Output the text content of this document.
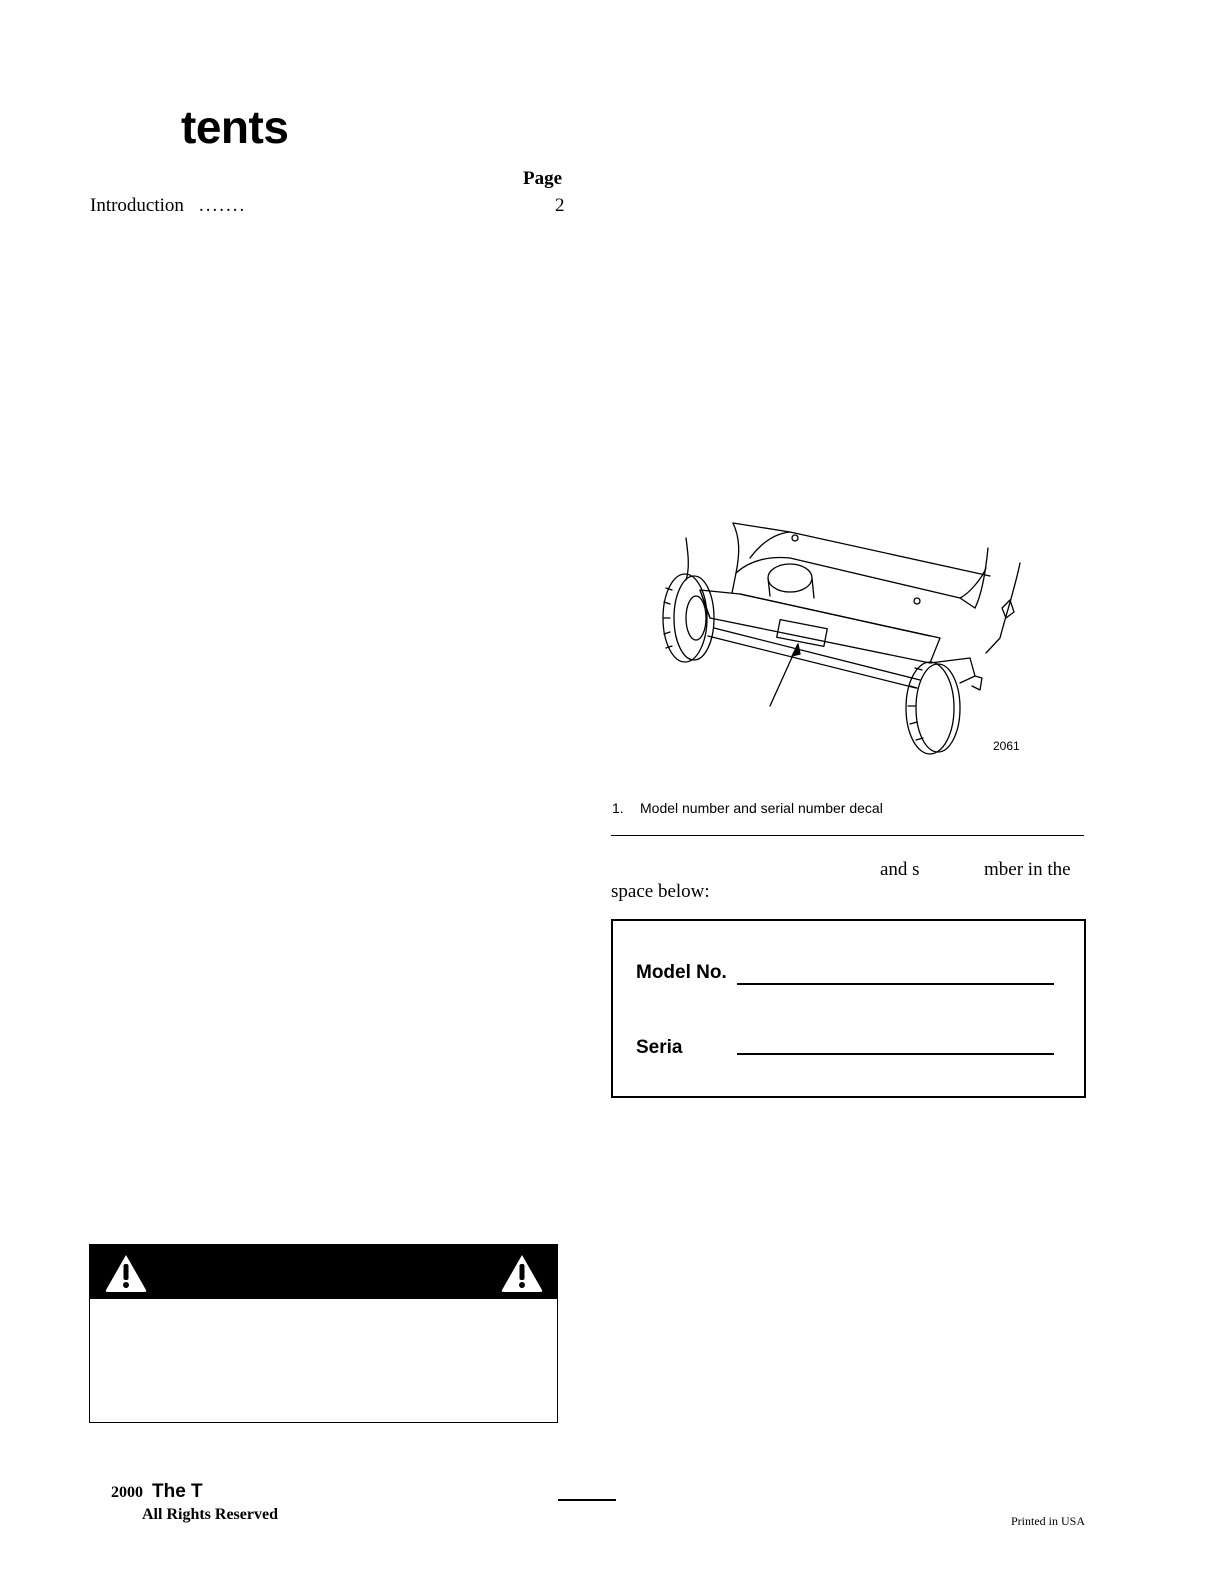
tents
Page
Introduction .......	2
2061
1. Model number and serial number decal
and s	mber in the
space below:
Model No.
Seria
2000 The T
All Rights Reserved	Printed in USA
